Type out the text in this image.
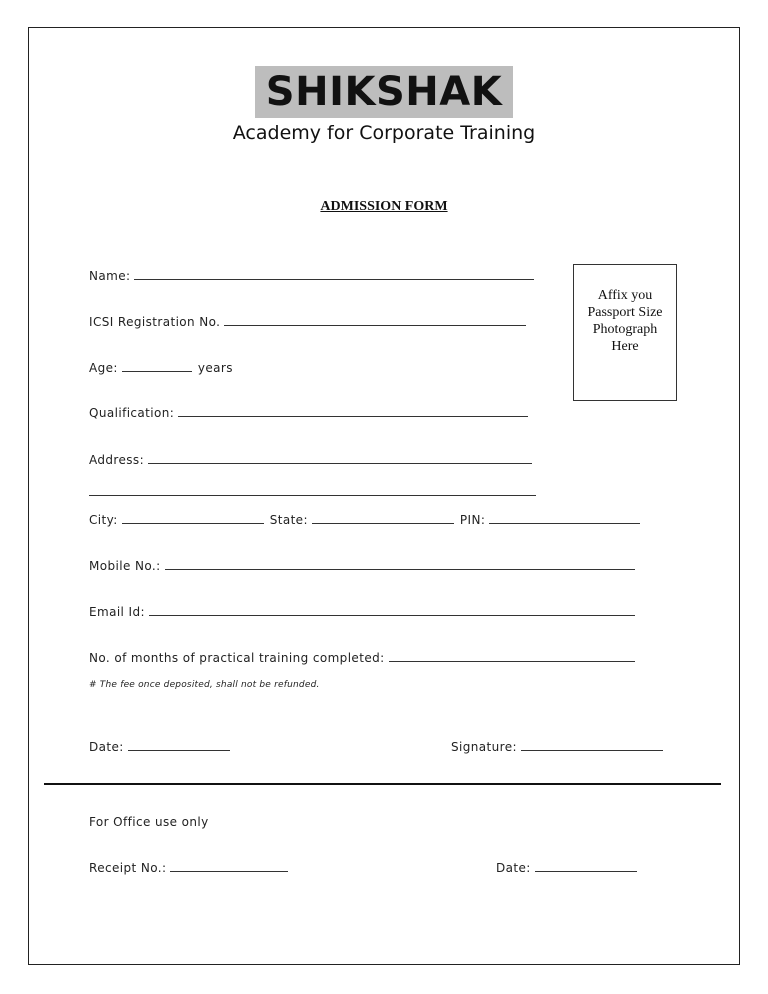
SHIKSHAK
Academy for Corporate Training
ADMISSION FORM
Affix you
Passport Size
Photograph
Here
Name:
ICSI Registration No.
Age:	years
Qualification:
Address:
City:	State:	PIN:
Mobile No.:
Email Id:
No. of months of practical training completed:
# The fee once deposited, shall not be refunded.
Date:	Signature:
For Office use only
Receipt No.:	Date:
